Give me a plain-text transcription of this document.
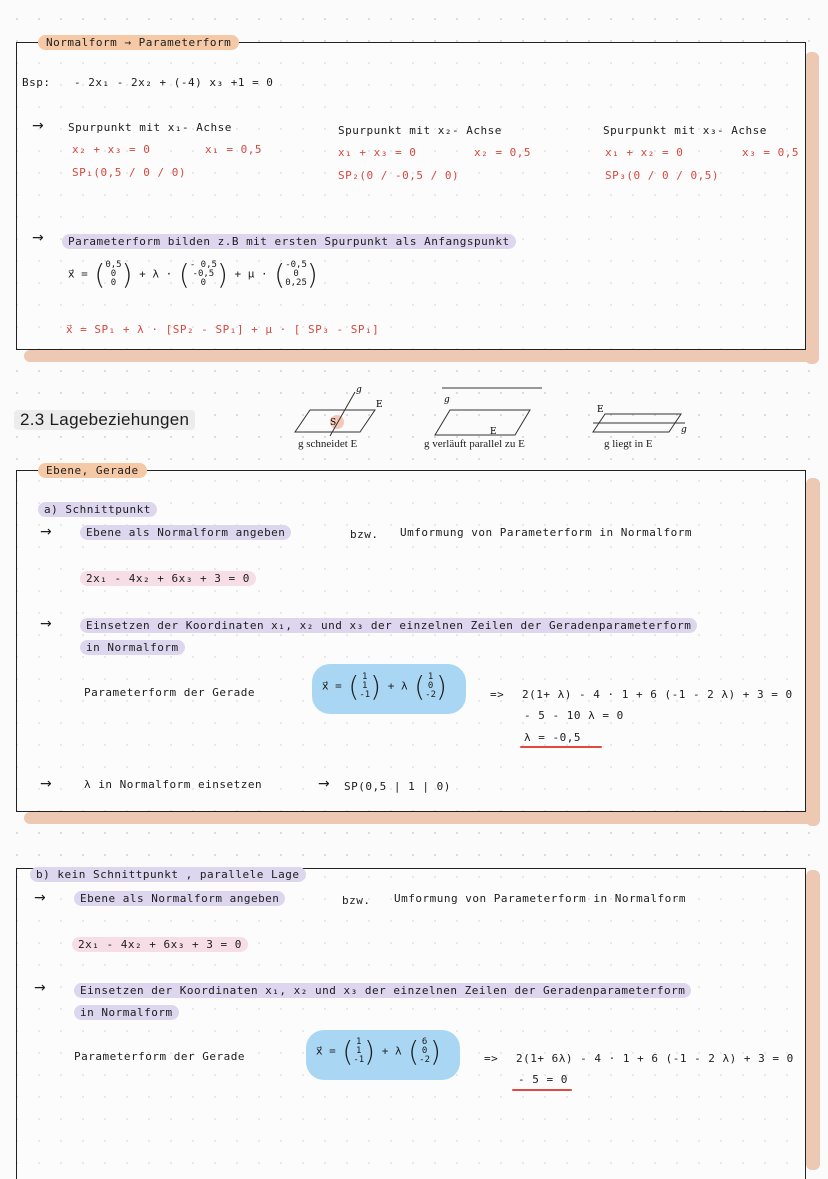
Normalform → Parameterform
Bsp: - 2x₁ - 2x₂ + (-4) x₃ +1 = 0
→ Spurpunkt mit x₁- Achse
x₂ + x₃ = 0	x₁ = 0,5
SP₁(0,5 / 0 / 0)
Spurpunkt mit x₂- Achse
x₁ + x₃ = 0	x₂ = 0,5
SP₂(0 / -0,5 / 0)
Spurpunkt mit x₃- Achse
x₁ + x₂ = 0	x₃ = 0,5
SP₃(0 / 0 / 0,5)
→	Parameterform bilden z.B mit ersten Spurpunkt als Anfangspunkt
x⃗ = (0,5
0
0 ) + λ · (- 0,5
-0,5
0 ) + μ · (-0,5
0
0,25)
x⃗ = SP₁ + λ · [SP₂ - SP₁] + μ · [ SP₃ - SP₁]
2.3 Lagebeziehungen	S
g
E
g schneidet E
g
E
g verläuft parallel zu E
E
g
g liegt in E
Ebene, Gerade
a) Schnittpunkt
→	Ebene als Normalform angeben	bzw. Umformung von Parameterform in Normalform
2x₁ - 4x₂ + 6x₃ + 3 = 0
→	Einsetzen der Koordinaten x₁, x₂ und x₃ der einzelnen Zeilen der Geradenparameterform
in Normalform
Parameterform der Gerade	x⃗ = ( 1
1
-1) + λ ( 1
0
-2)	=> 2(1+ λ) - 4 · 1 + 6 (-1 - 2 λ) + 3 = 0
- 5 - 10 λ = 0
λ = -0,5
→	λ in Normalform einsetzen	→ SP(0,5 | 1 | 0)
b) kein Schnittpunkt , parallele Lage
→	Ebene als Normalform angeben	bzw. Umformung von Parameterform in Normalform
2x₁ - 4x₂ + 6x₃ + 3 = 0
→	Einsetzen der Koordinaten x₁, x₂ und x₃ der einzelnen Zeilen der Geradenparameterform
in Normalform
Parameterform der Gerade	x⃗ = ( 1
1
-1) + λ ( 6
0
-2)	=> 2(1+ 6λ) - 4 · 1 + 6 (-1 - 2 λ) + 3 = 0
- 5 = 0
